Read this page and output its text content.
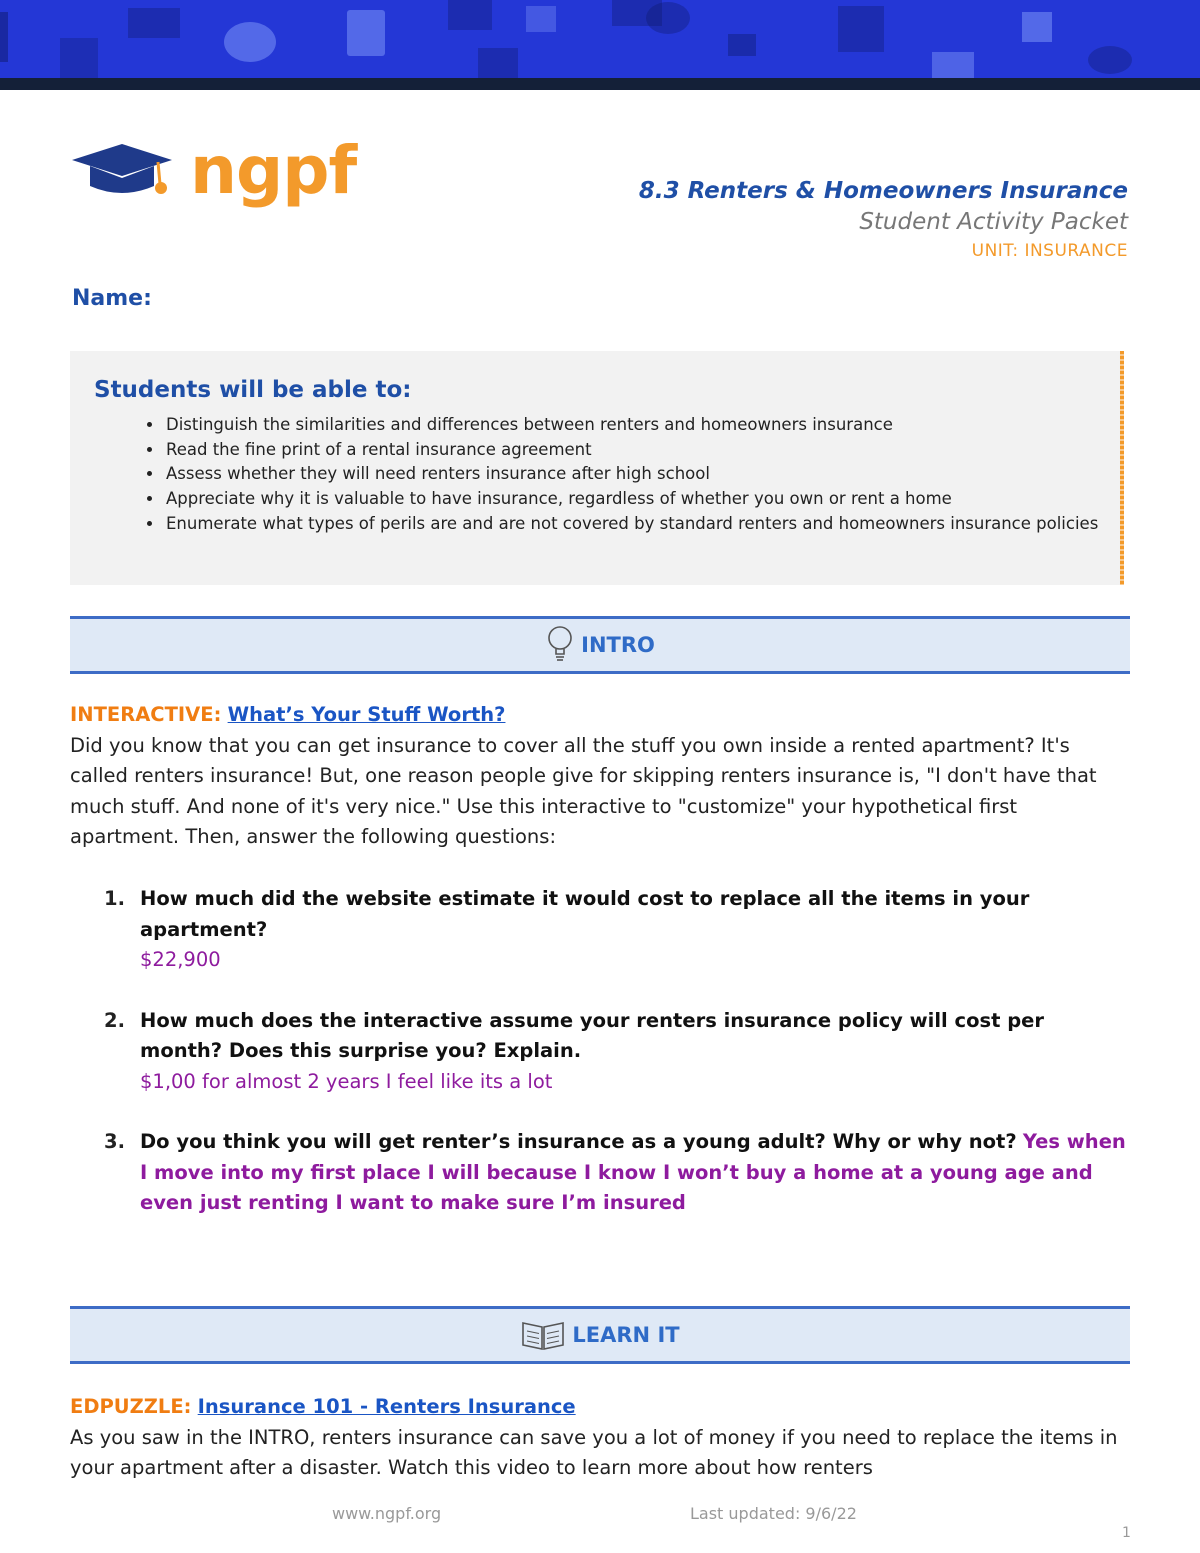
ngpf	8.3 Renters & Homeowners Insurance
Student Activity Packet
UNIT: INSURANCE
Name:
Students will be able to:
• Distinguish the similarities and differences between renters and homeowners insurance
• Read the fine print of a rental insurance agreement
• Assess whether they will need renters insurance after high school
• Appreciate why it is valuable to have insurance, regardless of whether you own or rent a home
• Enumerate what types of perils are and are not covered by standard renters and homeowners insurance policies
INTRO
INTERACTIVE: What’s Your Stuff Worth?
Did you know that you can get insurance to cover all the stuff you own inside a rented apartment? It's called renters insurance! But, one reason people give for skipping renters insurance is, "I don't have that much stuff. And none of it's very nice." Use this interactive to "customize" your hypothetical first apartment. Then, answer the following questions:
1. How much did the website estimate it would cost to replace all the items in your apartment?
$22,900
2. How much does the interactive assume your renters insurance policy will cost per month? Does this surprise you? Explain.
$1,00 for almost 2 years I feel like its a lot
3. Do you think you will get renter’s insurance as a young adult? Why or why not? Yes when I move into my first place I will because I know I won’t buy a home at a young age and even just renting I want to make sure I’m insured
LEARN IT
EDPUZZLE: Insurance 101 - Renters Insurance
As you saw in the INTRO, renters insurance can save you a lot of money if you need to replace the items in your apartment after a disaster. Watch this video to learn more about how renters
www.ngpf.org	Last updated: 9/6/22
1
